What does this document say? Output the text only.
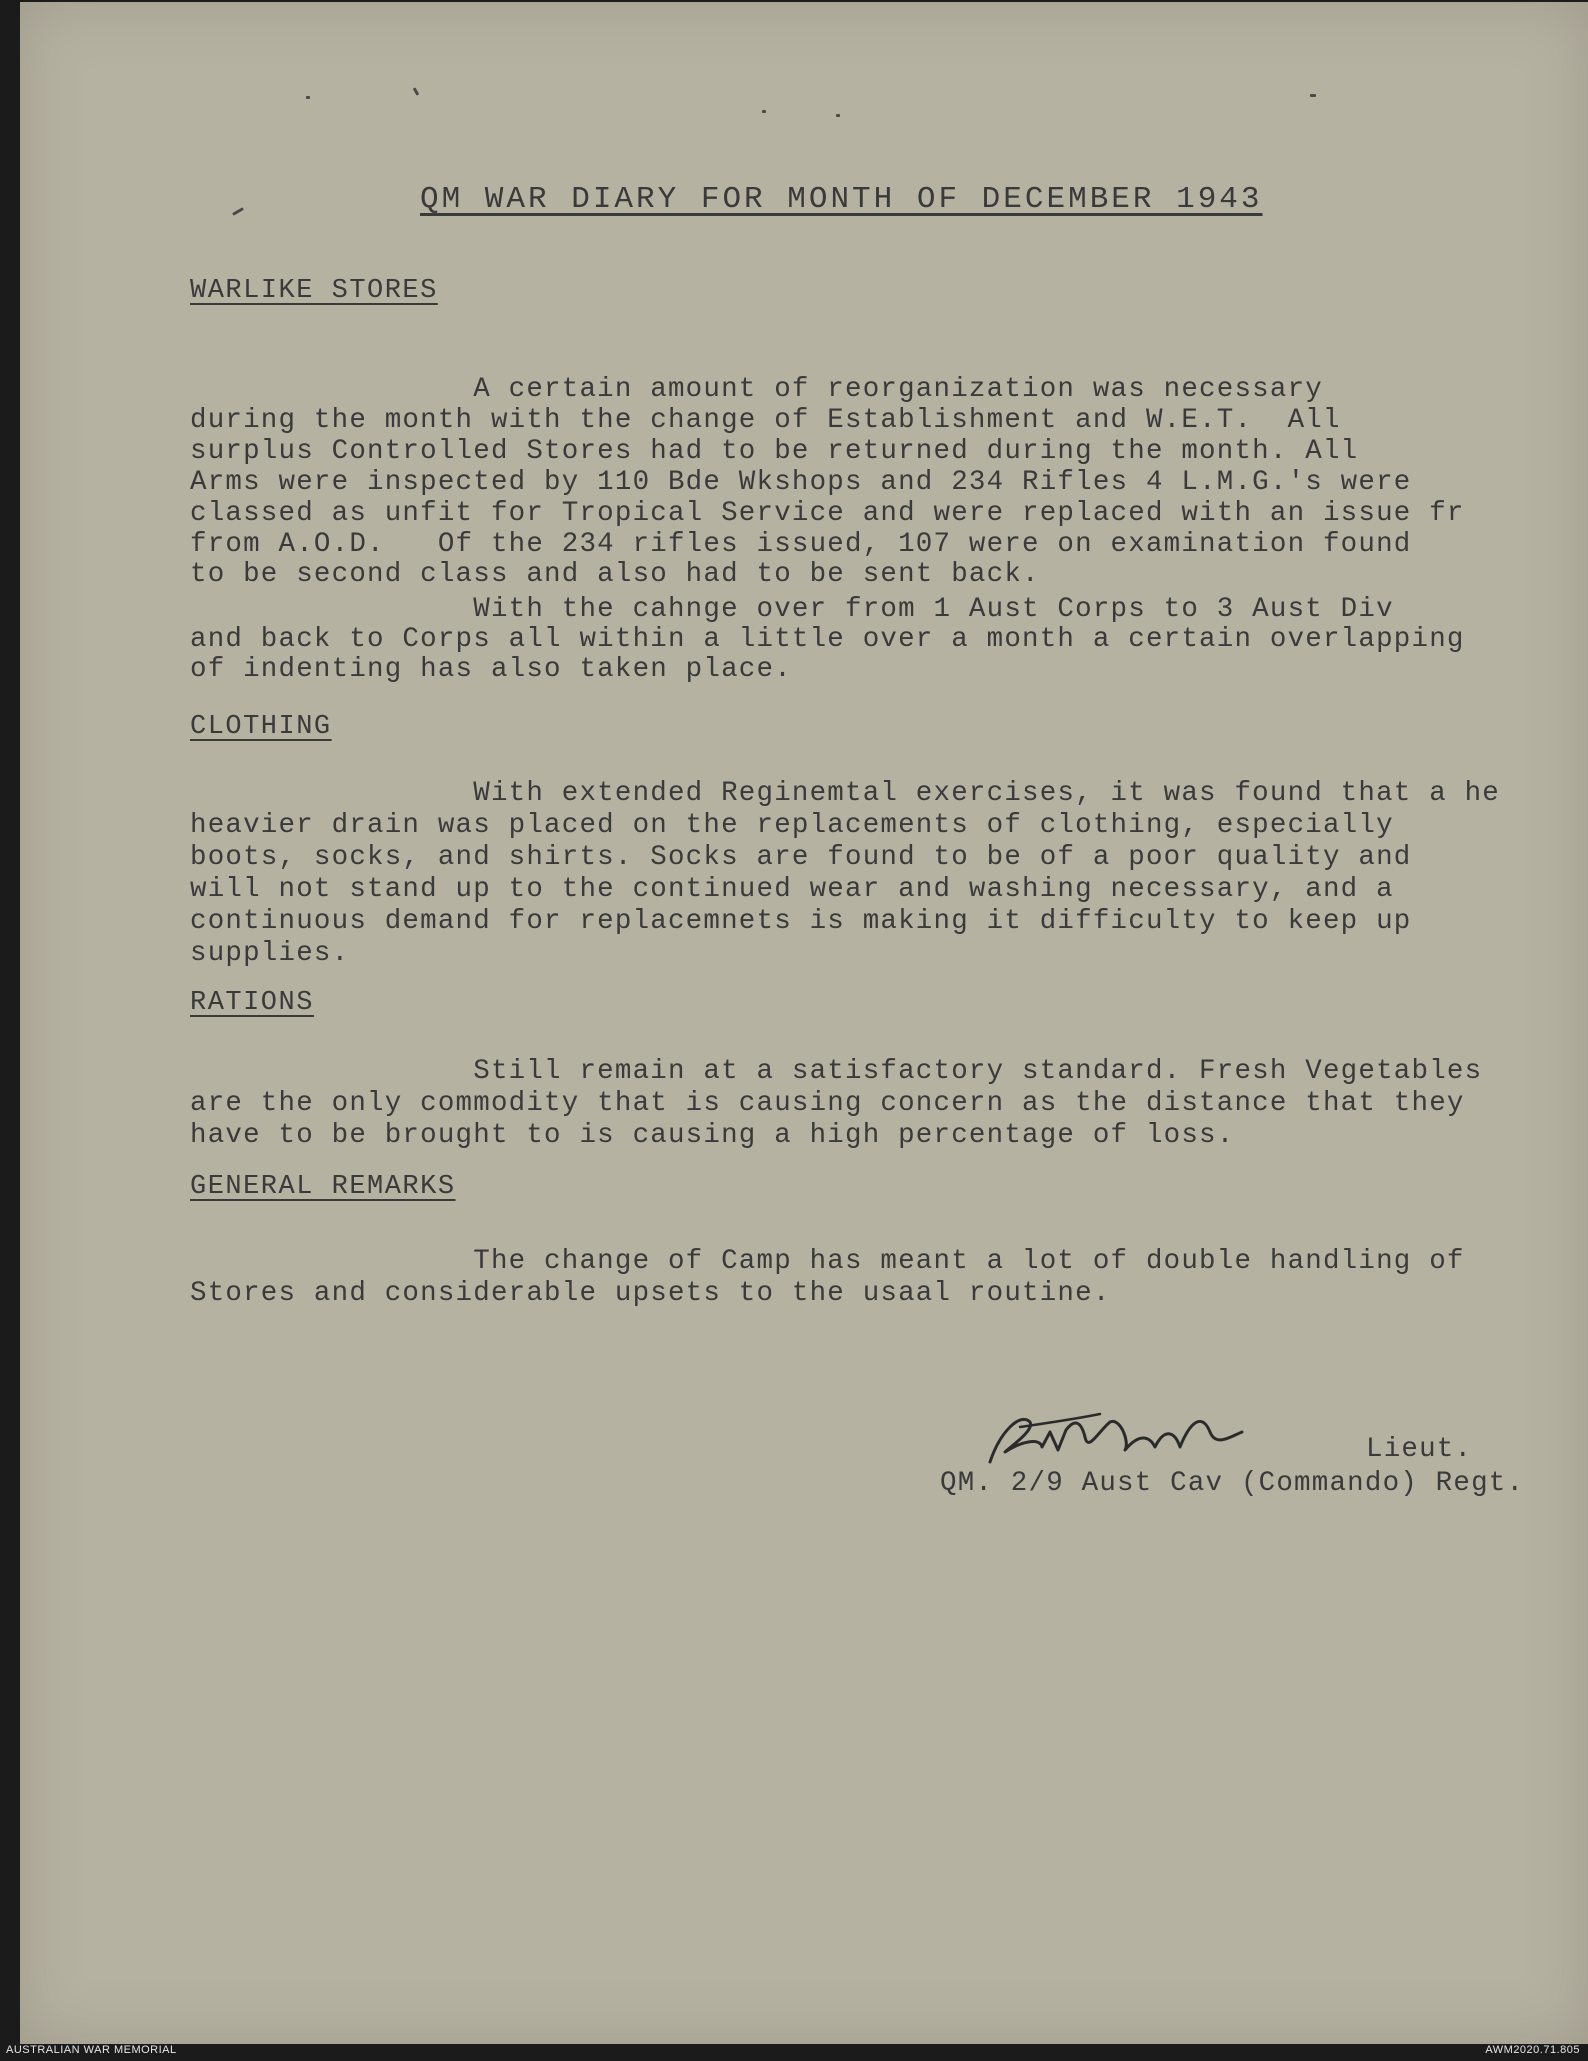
QM WAR DIARY FOR MONTH OF DECEMBER 1943
WARLIKE STORES
A certain amount of reorganization was necessary
during the month with the change of Establishment and W.E.T.  All
surplus Controlled Stores had to be returned during the month. All
Arms were inspected by 110 Bde Wkshops and 234 Rifles 4 L.M.G.'s were
classed as unfit for Tropical Service and were replaced with an issue fr
from A.O.D.   Of the 234 rifles issued, 107 were on examination found
to be second class and also had to be sent back.
With the cahnge over from 1 Aust Corps to 3 Aust Div
and back to Corps all within a little over a month a certain overlapping
of indenting has also taken place.
CLOTHING
With extended Reginemtal exercises, it was found that a he
heavier drain was placed on the replacements of clothing, especially
boots, socks, and shirts. Socks are found to be of a poor quality and
will not stand up to the continued wear and washing necessary, and a
continuous demand for replacemnets is making it difficulty to keep up
supplies.
RATIONS
Still remain at a satisfactory standard. Fresh Vegetables
are the only commodity that is causing concern as the distance that they
have to be brought to is causing a high percentage of loss.
GENERAL REMARKS
The change of Camp has meant a lot of double handling of
Stores and considerable upsets to the usaal routine.
Lieut.
QM. 2/9 Aust Cav (Commando) Regt.
AUSTRALIAN WAR MEMORIAL	AWM2020.71.805
